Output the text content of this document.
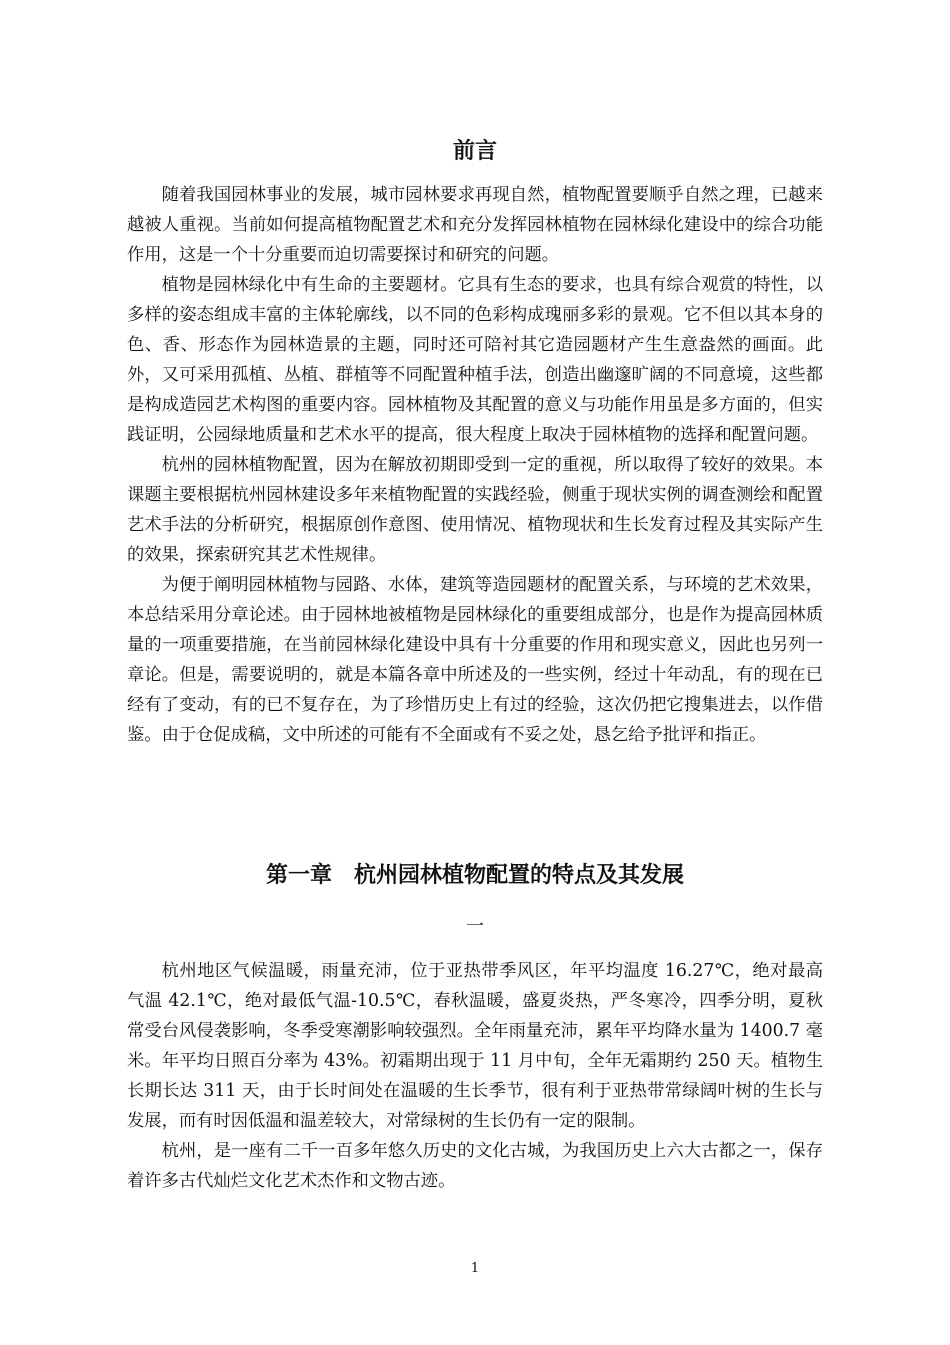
前言

随着我国园林事业的发展，城市园林要求再现自然，植物配置要顺乎自然之理，已越来越被人重视。当前如何提高植物配置艺术和充分发挥园林植物在园林绿化建设中的综合功能作用，这是一个十分重要而迫切需要探讨和研究的问题。

植物是园林绿化中有生命的主要题材。它具有生态的要求，也具有综合观赏的特性，以多样的姿态组成丰富的主体轮廓线，以不同的色彩构成瑰丽多彩的景观。它不但以其本身的色、香、形态作为园林造景的主题，同时还可陪衬其它造园题材产生生意盎然的画面。此外，又可采用孤植、丛植、群植等不同配置种植手法，创造出幽邃旷阔的不同意境，这些都是构成造园艺术构图的重要内容。园林植物及其配置的意义与功能作用虽是多方面的，但实践证明，公园绿地质量和艺术水平的提高，很大程度上取决于园林植物的选择和配置问题。

杭州的园林植物配置，因为在解放初期即受到一定的重视，所以取得了较好的效果。本课题主要根据杭州园林建设多年来植物配置的实践经验，侧重于现状实例的调查测绘和配置艺术手法的分析研究，根据原创作意图、使用情况、植物现状和生长发育过程及其实际产生的效果，探索研究其艺术性规律。

为便于阐明园林植物与园路、水体，建筑等造园题材的配置关系，与环境的艺术效果，本总结采用分章论述。由于园林地被植物是园林绿化的重要组成部分，也是作为提高园林质量的一项重要措施，在当前园林绿化建设中具有十分重要的作用和现实意义，因此也另列一章论。但是，需要说明的，就是本篇各章中所述及的一些实例，经过十年动乱，有的现在已经有了变动，有的已不复存在，为了珍惜历史上有过的经验，这次仍把它搜集进去，以作借鉴。由于仓促成稿，文中所述的可能有不全面或有不妥之处，恳乞给予批评和指正。

第一章　杭州园林植物配置的特点及其发展

一

杭州地区气候温暖，雨量充沛，位于亚热带季风区，年平均温度 16.27℃，绝对最高气温 42.1℃，绝对最低气温-10.5℃，春秋温暖，盛夏炎热，严冬寒冷，四季分明，夏秋常受台风侵袭影响，冬季受寒潮影响较强烈。全年雨量充沛，累年平均降水量为 1400.7 毫米。年平均日照百分率为 43%。初霜期出现于 11 月中旬，全年无霜期约 250 天。植物生长期长达 311 天，由于长时间处在温暖的生长季节，很有利于亚热带常绿阔叶树的生长与发展，而有时因低温和温差较大，对常绿树的生长仍有一定的限制。

杭州，是一座有二千一百多年悠久历史的文化古城，为我国历史上六大古都之一，保存着许多古代灿烂文化艺术杰作和文物古迹。

1
